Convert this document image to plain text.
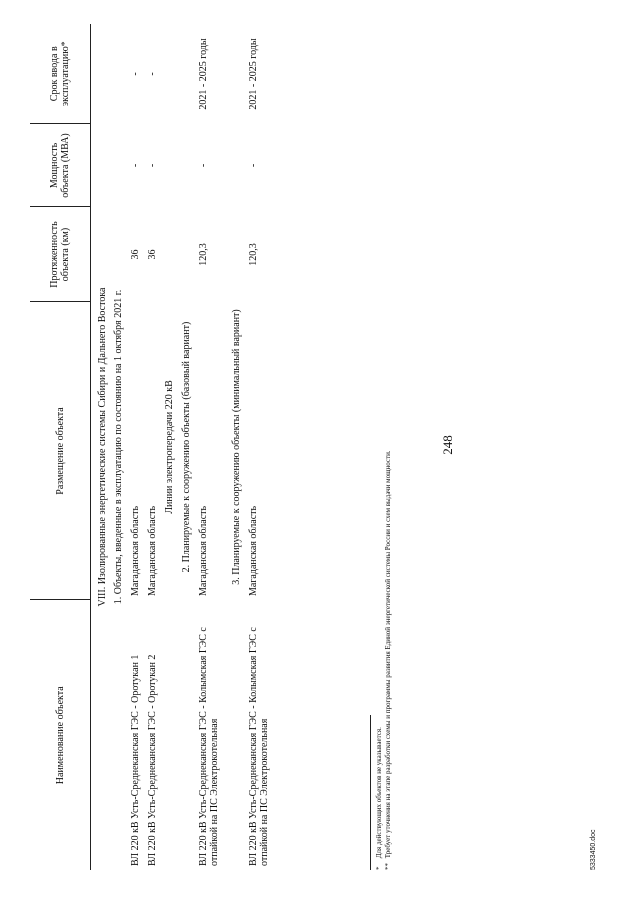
248
Наименование объекта	Размещение объекта	Протяженность объекта (км)	Мощность объекта (МВА)	Срок ввода в эксплуатацию*
VIII. Изолированные энергетические системы Сибири и Дальнего Востока				
1. Объекты, введенные в эксплуатацию по состоянию на 1 октября 2021 г.				
ВЛ 220 кВ Усть-Среднеканская ГЭС - Оротукан 1	Магаданская область	36	-	-
ВЛ 220 кВ Усть-Среднеканская ГЭС - Оротукан 2	Магаданская область	36	-	-
Линии электропередачи 220 кВ				
2. Планируемые к сооружению объекты (базовый вариант)				
ВЛ 220 кВ Усть-Среднеканская ГЭС - Колымская ГЭС с отпайкой на ПС Электрокотельная	Магаданская область	120,3	-	2021 - 2025 годы
3. Планируемые к сооружению объекты (минимальный вариант)				
ВЛ 220 кВ Усть-Среднеканская ГЭС - Колымская ГЭС с отпайкой на ПС Электрокотельная	Магаданская область	120,3	-	2021 - 2025 годы
* Для действующих объектов не указывается.
** Требует уточнения на этапе разработки схемы и программы развития Единой энергетической системы России и схем выдачи мощности.	5333450.doc
